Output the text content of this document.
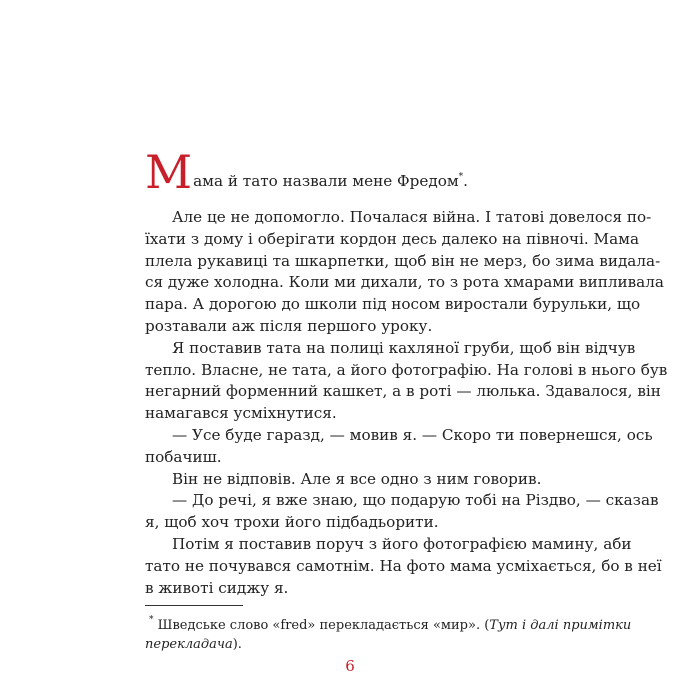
Мама й тато назвали мене Фредом*.
Але це не допомогло. Почалася війна. І татові довелося по-
їхати з дому і оберігати кордон десь далеко на півночі. Мама
плела рукавиці та шкарпетки, щоб він не мерз, бо зима видала-
ся дуже холодна. Коли ми дихали, то з рота хмарами випливала
пара. А дорогою до школи під носом виростали бурульки, що
розтавали аж після першого уроку.
Я поставив тата на полиці кахляної груби, щоб він відчув
тепло. Власне, не тата, а його фотографію. На голові в нього був
негарний форменний кашкет, а в роті — люлька. Здавалося, він
намагався усміхнутися.
— Усе буде гаразд, — мовив я. — Скоро ти повернешся, ось
побачиш.
Він не відповів. Але я все одно з ним говорив.
— До речі, я вже знаю, що подарую тобі на Різдво, — сказав
я, щоб хоч трохи його підбадьорити.
Потім я поставив поруч з його фотографією мамину, аби
тато не почувався самотнім. На фото мама усміхається, бо в неї
в животі сиджу я.
* Шведське слово «fred» перекладається «мир». (Тут і далі примітки
перекладача).
6
